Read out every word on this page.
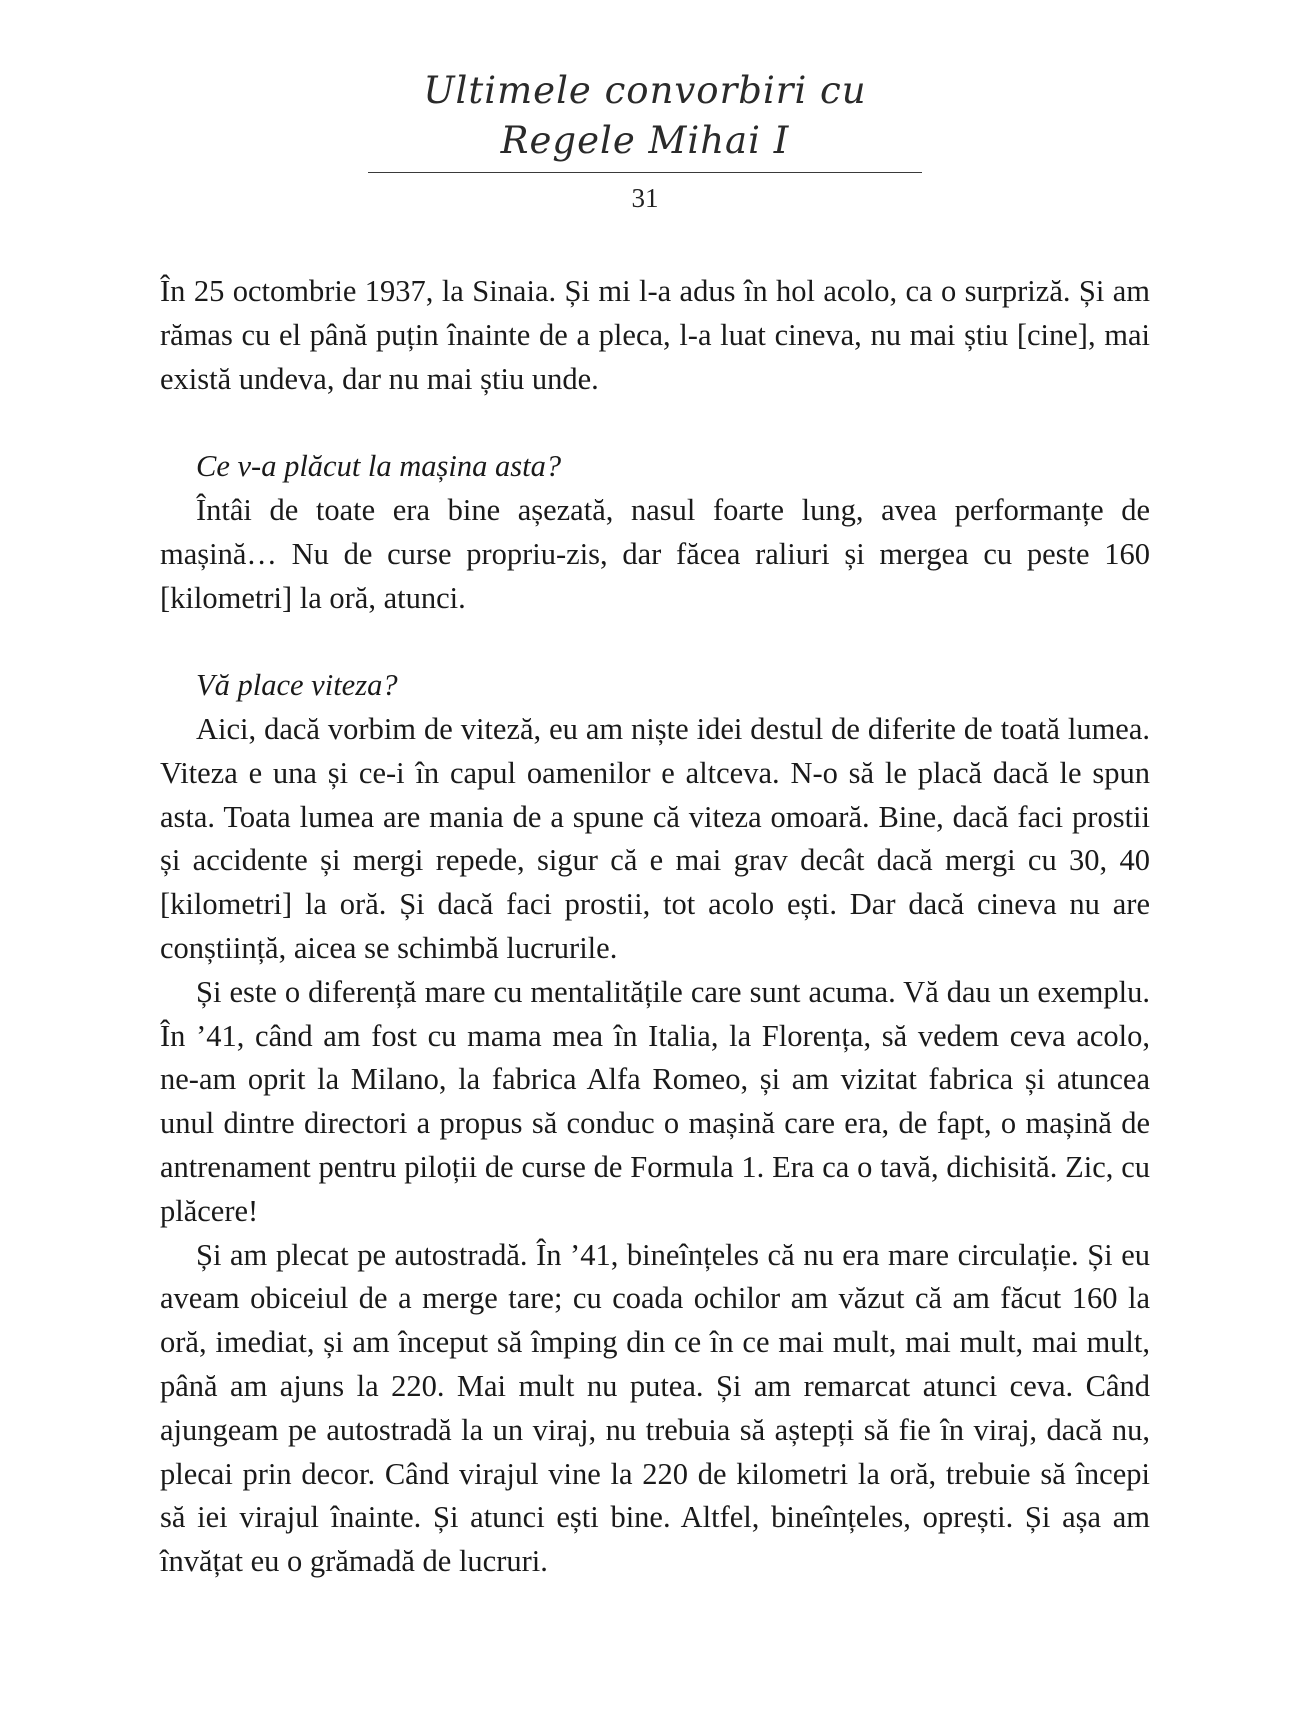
Ultimele convorbiri cu Regele Mihai I
31

În 25 octombrie 1937, la Sinaia. Și mi l-a adus în hol acolo, ca o surpriză. Și am rămas cu el până puțin înainte de a pleca, l-a luat cineva, nu mai știu [cine], mai există undeva, dar nu mai știu unde.

Ce v-a plăcut la mașina asta?

Întâi de toate era bine așezată, nasul foarte lung, avea performanțe de mașină… Nu de curse propriu-zis, dar făcea raliuri și mergea cu peste 160 [kilometri] la oră, atunci.

Vă place viteza?

Aici, dacă vorbim de viteză, eu am niște idei destul de diferite de toată lumea. Viteza e una și ce-i în capul oamenilor e altceva. N-o să le placă dacă le spun asta. Toata lumea are mania de a spune că viteza omoară. Bine, dacă faci prostii și accidente și mergi repede, sigur că e mai grav decât dacă mergi cu 30, 40 [kilometri] la oră. Și dacă faci prostii, tot acolo ești. Dar dacă cineva nu are conștiință, aicea se schimbă lucrurile.

Și este o diferență mare cu mentalitățile care sunt acuma. Vă dau un exemplu. În ’41, când am fost cu mama mea în Italia, la Florența, să vedem ceva acolo, ne-am oprit la Milano, la fabrica Alfa Romeo, și am vizitat fabrica și atuncea unul dintre directori a propus să conduc o mașină care era, de fapt, o mașină de antrenament pentru piloții de curse de Formula 1. Era ca o tavă, dichisită. Zic, cu plăcere!

Și am plecat pe autostradă. În ’41, bineînțeles că nu era mare circulație. Și eu aveam obiceiul de a merge tare; cu coada ochilor am văzut că am făcut 160 la oră, imediat, și am început să împing din ce în ce mai mult, mai mult, mai mult, până am ajuns la 220. Mai mult nu putea. Și am remarcat atunci ceva. Când ajungeam pe autostradă la un viraj, nu trebuia să aștepți să fie în viraj, dacă nu, plecai prin decor. Când virajul vine la 220 de kilometri la oră, trebuie să începi să iei virajul înainte. Și atunci ești bine. Altfel, bineînțeles, oprești. Și așa am învățat eu o grămadă de lucruri.
